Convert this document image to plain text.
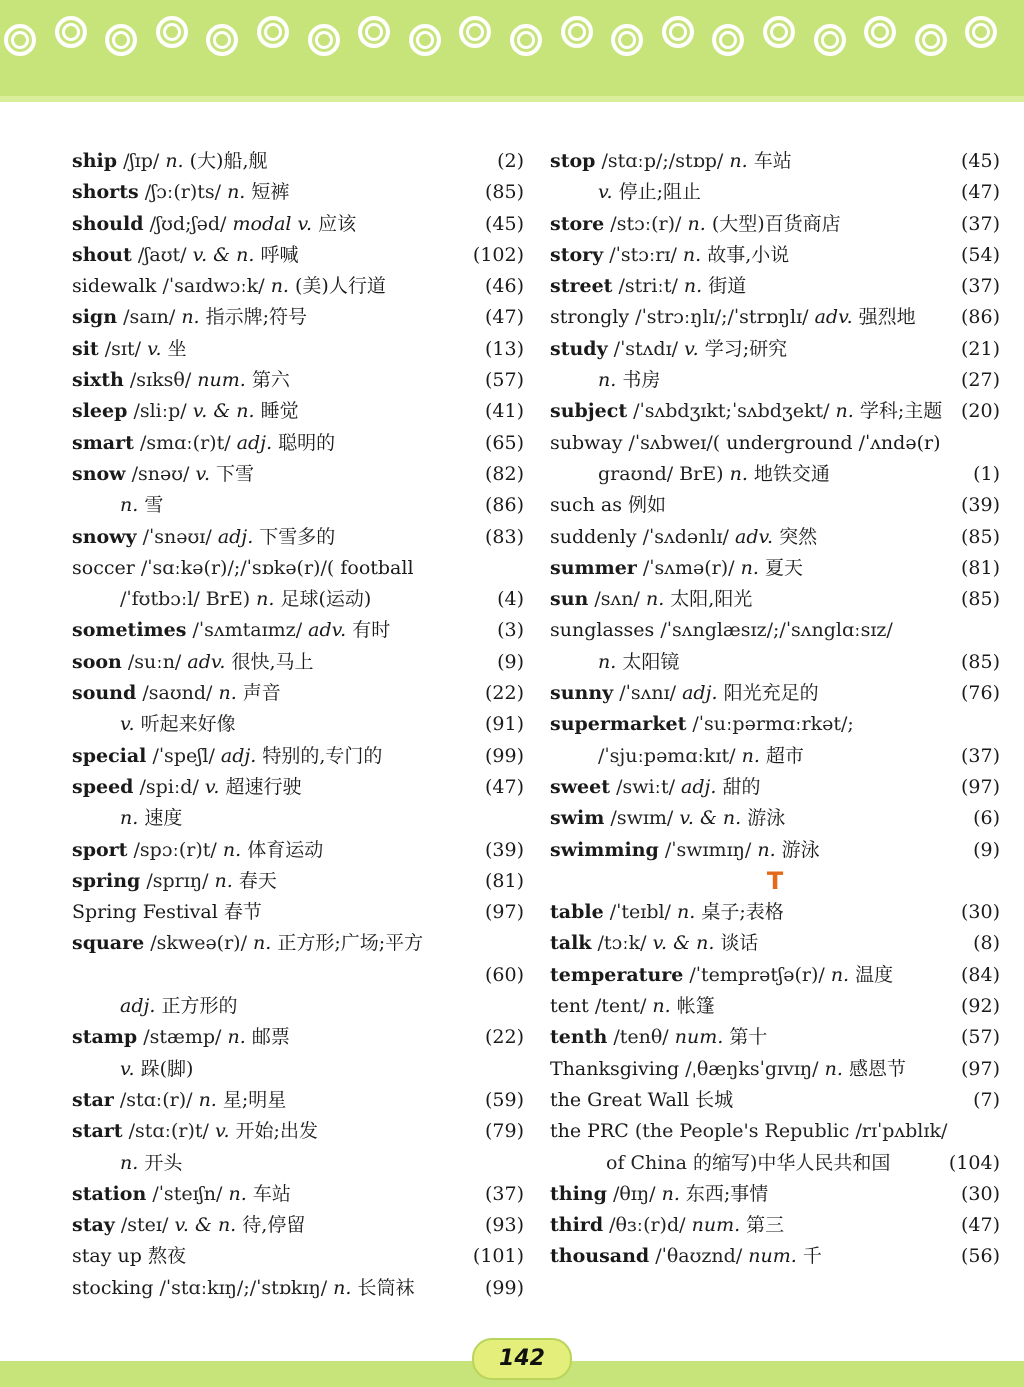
ship /ʃɪp/ n. (大)船,舰	(2)
shorts /ʃɔː(r)ts/ n. 短裤	(85)
should /ʃʊd;ʃəd/ modal v. 应该	(45)
shout /ʃaʊt/ v. & n. 呼喊	(102)
sidewalk /ˈsaɪdwɔːk/ n. (美)人行道	(46)
sign /saɪn/ n. 指示牌;符号	(47)
sit /sɪt/ v. 坐	(13)
sixth /sɪksθ/ num. 第六	(57)
sleep /sliːp/ v. & n. 睡觉	(41)
smart /smɑː(r)t/ adj. 聪明的	(65)
snow /snəʊ/ v. 下雪	(82)
n. 雪	(86)
snowy /ˈsnəʊɪ/ adj. 下雪多的	(83)
soccer /ˈsɑːkə(r)/;/ˈsɒkə(r)/( football
/ˈfʊtbɔːl/ BrE) n. 足球(运动)	(4)
sometimes /ˈsʌmtaɪmz/ adv. 有时	(3)
soon /suːn/ adv. 很快,马上	(9)
sound /saʊnd/ n. 声音	(22)
v. 听起来好像	(91)
special /ˈspeʃl/ adj. 特别的,专门的	(99)
speed /spiːd/ v. 超速行驶	(47)
n. 速度
sport /spɔː(r)t/ n. 体育运动	(39)
spring /sprɪŋ/ n. 春天	(81)
Spring Festival 春节	(97)
square /skweə(r)/ n. 正方形;广场;平方
(60)
adj. 正方形的
stamp /stæmp/ n. 邮票	(22)
v. 跺(脚)
star /stɑː(r)/ n. 星;明星	(59)
start /stɑː(r)t/ v. 开始;出发	(79)
n. 开头
station /ˈsteɪʃn/ n. 车站	(37)
stay /steɪ/ v. & n. 待,停留	(93)
stay up 熬夜	(101)
stocking /ˈstɑːkɪŋ/;/ˈstɒkɪŋ/ n. 长筒袜	(99)
stop /stɑːp/;/stɒp/ n. 车站	(45)
v. 停止;阻止	(47)
store /stɔː(r)/ n. (大型)百货商店	(37)
story /ˈstɔːrɪ/ n. 故事,小说	(54)
street /striːt/ n. 街道	(37)
strongly /ˈstrɔːŋlɪ/;/ˈstrɒŋlɪ/ adv. 强烈地 (86)
study /ˈstʌdɪ/ v. 学习;研究	(21)
n. 书房	(27)
subject /ˈsʌbdʒɪkt;ˈsʌbdʒekt/ n. 学科;主题 (20)
subway /ˈsʌbweɪ/( underground /ˈʌndə(r)
graʊnd/ BrE) n. 地铁交通	(1)
such as 例如	(39)
suddenly /ˈsʌdənlɪ/ adv. 突然	(85)
summer /ˈsʌmə(r)/ n. 夏天	(81)
sun /sʌn/ n. 太阳,阳光	(85)
sunglasses /ˈsʌnglæsɪz/;/ˈsʌnglɑːsɪz/
n. 太阳镜	(85)
sunny /ˈsʌnɪ/ adj. 阳光充足的	(76)
supermarket /ˈsuːpərmɑːrkət/;
/ˈsjuːpəmɑːkɪt/ n. 超市	(37)
sweet /swiːt/ adj. 甜的	(97)
swim /swɪm/ v. & n. 游泳	(6)
swimming /ˈswɪmɪŋ/ n. 游泳	(9)
T
table /ˈteɪbl/ n. 桌子;表格	(30)
talk /tɔːk/ v. & n. 谈话	(8)
temperature /ˈtemprətʃə(r)/ n. 温度	(84)
tent /tent/ n. 帐篷	(92)
tenth /tenθ/ num. 第十	(57)
Thanksgiving /ˌθæŋksˈgɪvɪŋ/ n. 感恩节	(97)
the Great Wall 长城	(7)
the PRC (the People's Republic /rɪˈpʌblɪk/
of China 的缩写)中华人民共和国	(104)
thing /θɪŋ/ n. 东西;事情	(30)
third /θɜː(r)d/ num. 第三	(47)
thousand /ˈθaʊznd/ num. 千	(56)
142
